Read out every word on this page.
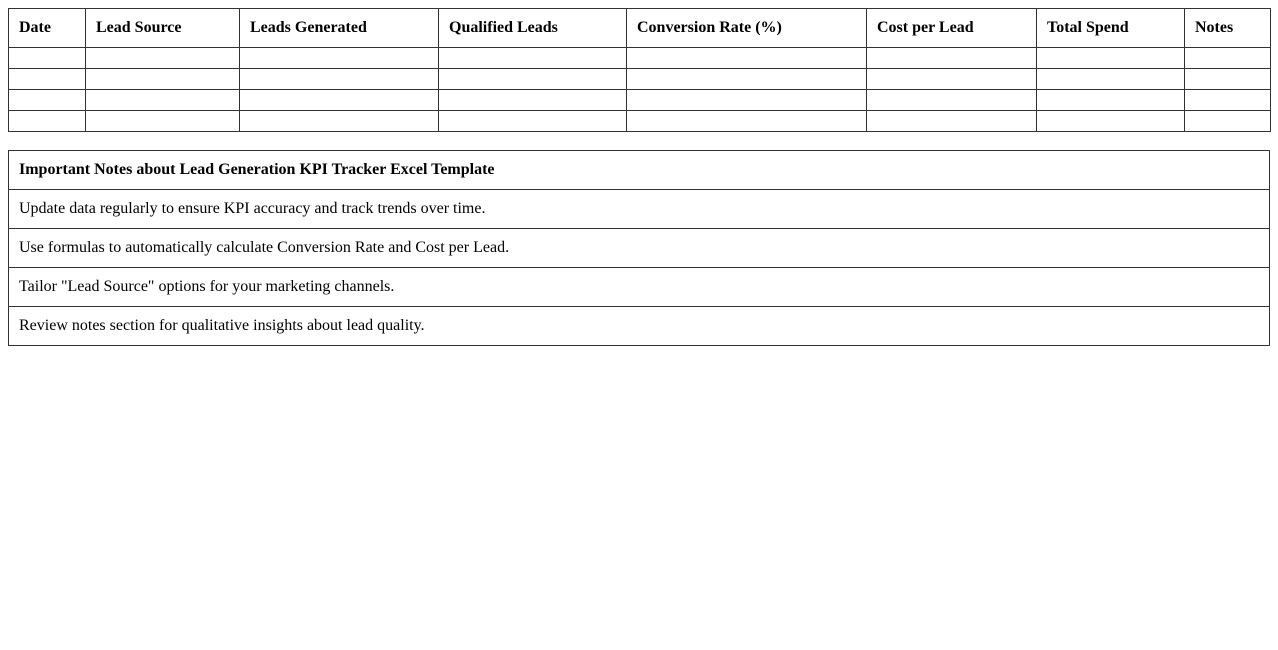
Date	Lead Source	Leads Generated	Qualified Leads	Conversion Rate (%)	Cost per Lead	Total Spend	Notes

Important Notes about Lead Generation KPI Tracker Excel Template
Update data regularly to ensure KPI accuracy and track trends over time.
Use formulas to automatically calculate Conversion Rate and Cost per Lead.
Tailor "Lead Source" options for your marketing channels.
Review notes section for qualitative insights about lead quality.
